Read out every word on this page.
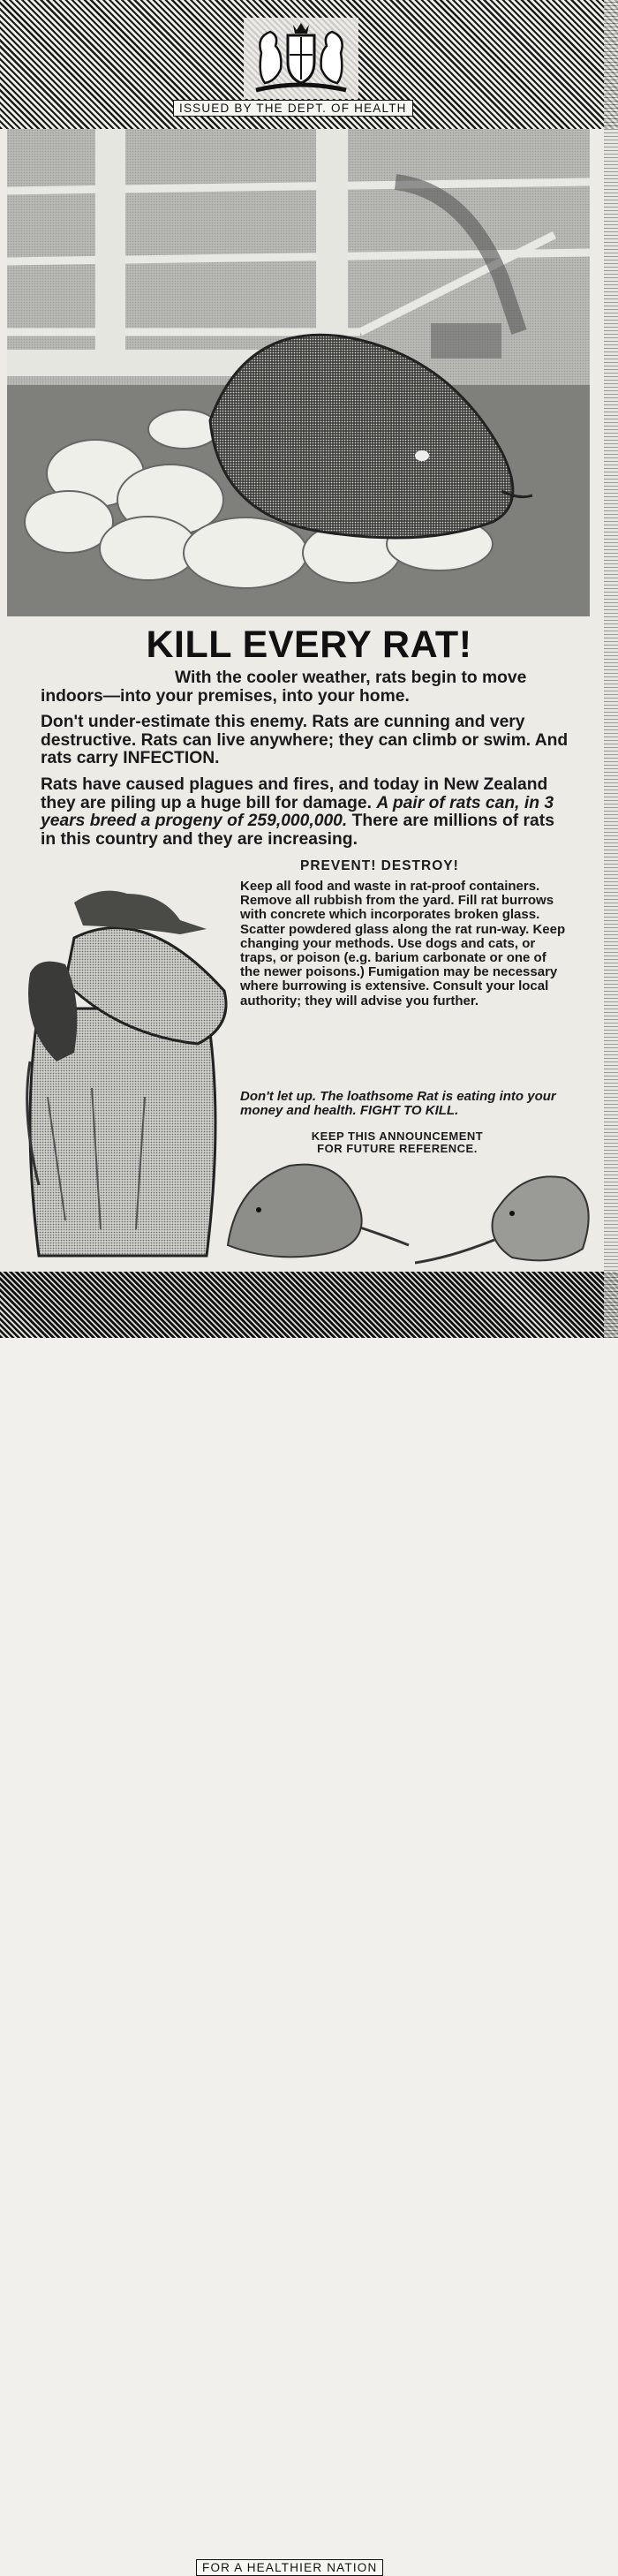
ISSUED BY THE DEPT. OF HEALTH
KILL EVERY RAT!

With the cooler weather, rats begin to move indoors—into your premises, into your home.

Don't under-estimate this enemy. Rats are cunning and very destructive. Rats can live anywhere; they can climb or swim. And rats carry INFECTION.

Rats have caused plagues and fires, and today in New Zealand they are piling up a huge bill for damage. A pair of rats can, in 3 years breed a progeny of 259,000,000. There are millions of rats in this country and they are increasing.

PREVENT! DESTROY!

Keep all food and waste in rat-proof containers. Remove all rubbish from the yard. Fill rat burrows with concrete which incorporates broken glass. Scatter powdered glass along the rat run-way. Keep changing your methods. Use dogs and cats, or traps, or poison (e.g. barium carbonate or one of the newer poisons.) Fumigation may be necessary where burrowing is extensive. Consult your local authority; they will advise you further.

Don't let up. The loathsome Rat is eating into your money and health. FIGHT TO KILL.

KEEP THIS ANNOUNCEMENT
FOR FUTURE REFERENCE.

FOR A HEALTHIER NATION
